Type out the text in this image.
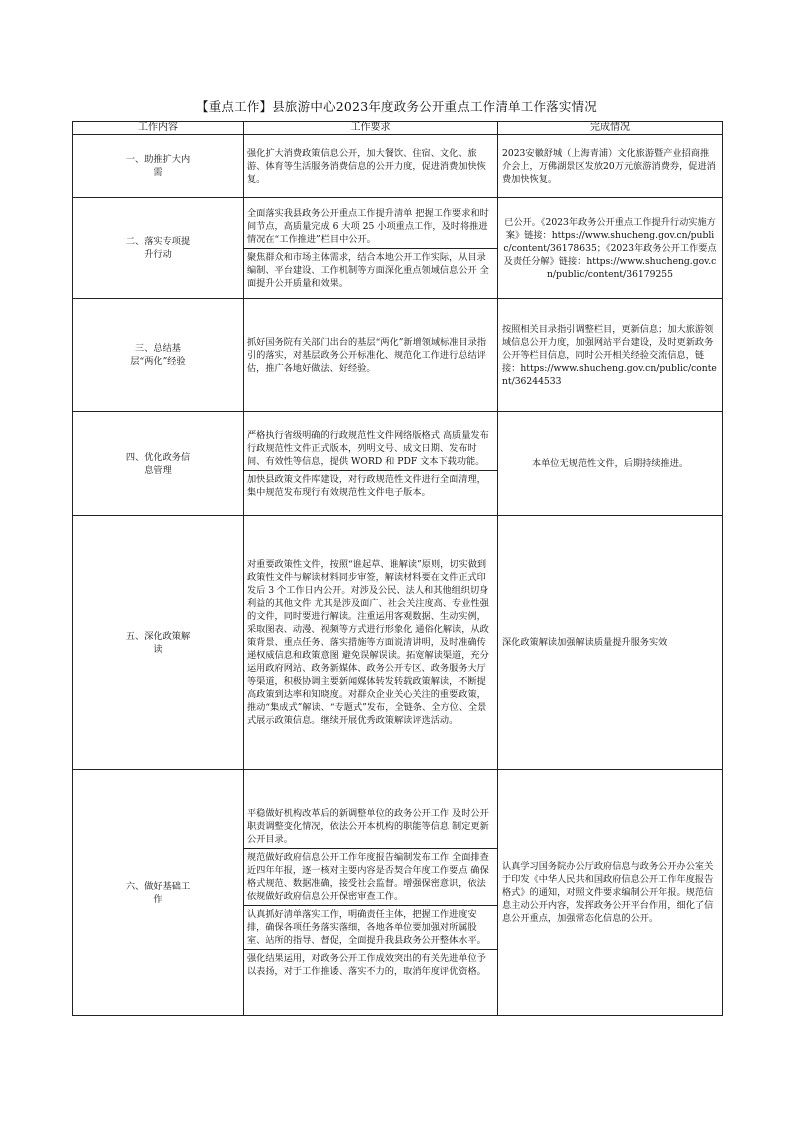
【重点工作】县旅游中心2023年度政务公开重点工作清单工作落实情况
工作内容	工作要求	完成情况
一、助推扩大内需	强化扩大消费政策信息公开，加大餐饮、住宿、文化、旅游、体育等生活服务消费信息的公开力度，促进消费加快恢复。	2023安徽舒城（上海青浦）文化旅游暨产业招商推介会上，万佛湖景区发放20万元旅游消费券，促进消费加快恢复。
二、落实专项提升行动	全面落实我县政务公开重点工作提升清单 把握工作要求和时间节点，高质量完成 6 大项 25 小项重点工作，及时将推进情况在“工作推进”栏目中公开。
聚焦群众和市场主体需求，结合本地公开工作实际，从目录编制、平台建设、工作机制等方面深化重点领域信息公开 全面提升公开质量和效果。	已公开。《2023年政务公开重点工作提升行动实施方案》链接：https://www.shucheng.gov.cn/public/content/36178635；《2023年政务公开工作要点及责任分解》链接：https://www.shucheng.gov.cn/public/content/36179255
三、总结基层“两化”经验	抓好国务院有关部门出台的基层“两化”新增领域标准目录指引的落实，对基层政务公开标准化、规范化工作进行总结评估，推广各地好做法、好经验。	按照相关目录指引调整栏目，更新信息；加大旅游领域信息公开力度，加强网站平台建设，及时更新政务公开等栏目信息，同时公开相关经验交流信息，链接：https://www.shucheng.gov.cn/public/content/36244533
四、优化政务信息管理	严格执行省级明确的行政规范性文件网络版格式 高质量发布行政规范性文件正式版本，列明文号、成文日期、发布时间、有效性等信息，提供 WORD 和 PDF 文本下载功能。
加快县政策文件库建设，对行政规范性文件进行全面清理，集中规范发布现行有效规范性文件电子版本。	本单位无规范性文件，后期持续推进。
五、深化政策解读	对重要政策性文件，按照“谁起草、谁解读”原则，切实做到政策性文件与解读材料同步审签，解读材料要在文件正式印发后 3 个工作日内公开。对涉及公民、法人和其他组织切身利益的其他文件 尤其是涉及面广、社会关注度高、专业性强的文件，同时要进行解读。注重运用客观数据、生动实例，采取图表、动漫、视频等方式进行形象化 通俗化解读，从政策背景、重点任务、落实措施等方面说清讲明，及时准确传递权威信息和政策意图 避免误解误读。拓宽解读渠道，充分运用政府网站、政务新媒体、政务公开专区、政务服务大厅等渠道，积极协调主要新闻媒体转发转载政策解读，不断提高政策到达率和知晓度。对群众企业关心关注的重要政策，推动“集成式”解读、“专题式”发布，全链条、全方位、全景式展示政策信息。继续开展优秀政策解读评选活动。	深化政策解读加强解读质量提升服务实效
六、做好基础工作	平稳做好机构改革后的新调整单位的政务公开工作 及时公开职责调整变化情况，依法公开本机构的职能等信息 制定更新公开目录。
规范做好政府信息公开工作年度报告编制发布工作 全面排查近四年年报，逐一核对主要内容是否契合年度工作要点 确保格式规范、数据准确，接受社会监督。增强保密意识，依法依规做好政府信息公开保密审查工作。
认真抓好清单落实工作，明确责任主体，把握工作进度安排，确保各项任务落实落细，各地各单位要加强对所属股室、站所的指导、督促，全面提升我县政务公开整体水平。
强化结果运用，对政务公开工作成效突出的有关先进单位予以表扬，对于工作推诿、落实不力的，取消年度评优资格。	认真学习国务院办公厅政府信息与政务公开办公室关于印发《中华人民共和国政府信息公开工作年度报告格式》的通知，对照文件要求编制公开年报。规范信息主动公开内容，发挥政务公开平台作用，细化了信息公开重点，加强常态化信息的公开。
